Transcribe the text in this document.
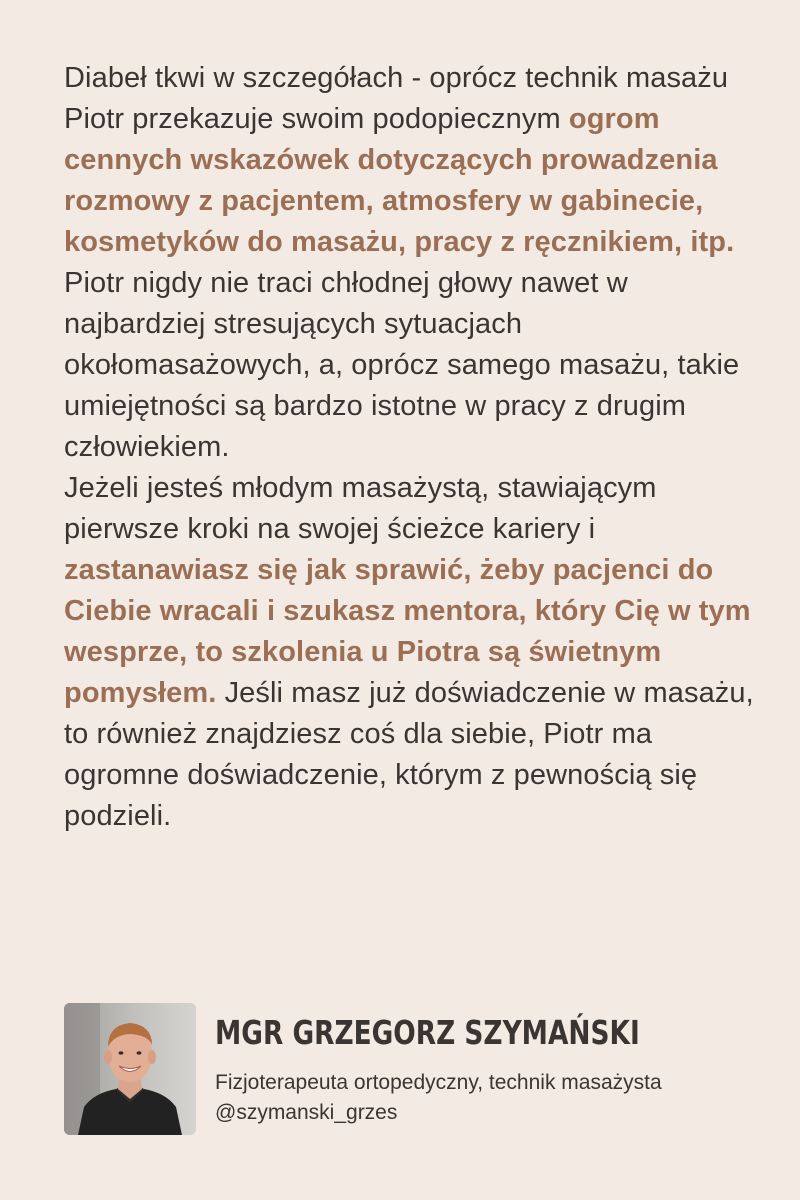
Diabeł tkwi w szczegółach - oprócz technik masażu Piotr przekazuje swoim podopiecznym ogrom cennych wskazówek dotyczących prowadzenia rozmowy z pacjentem, atmosfery w gabinecie, kosmetyków do masażu, pracy z ręcznikiem, itp. Piotr nigdy nie traci chłodnej głowy nawet w najbardziej stresujących sytuacjach okołomasażowych, a, oprócz samego masażu, takie umiejętności są bardzo istotne w pracy z drugim człowiekiem.

Jeżeli jesteś młodym masażystą, stawiającym pierwsze kroki na swojej ścieżce kariery i zastanawiasz się jak sprawić, żeby pacjenci do Ciebie wracali i szukasz mentora, który Cię w tym wesprze, to szkolenia u Piotra są świetnym pomysłem. Jeśli masz już doświadczenie w masażu, to również znajdziesz coś dla siebie, Piotr ma ogromne doświadczenie, którym z pewnością się podzieli.

MGR GRZEGORZ SZYMAŃSKI
Fizjoterapeuta ortopedyczny, technik masażysta
@szymanski_grzes
